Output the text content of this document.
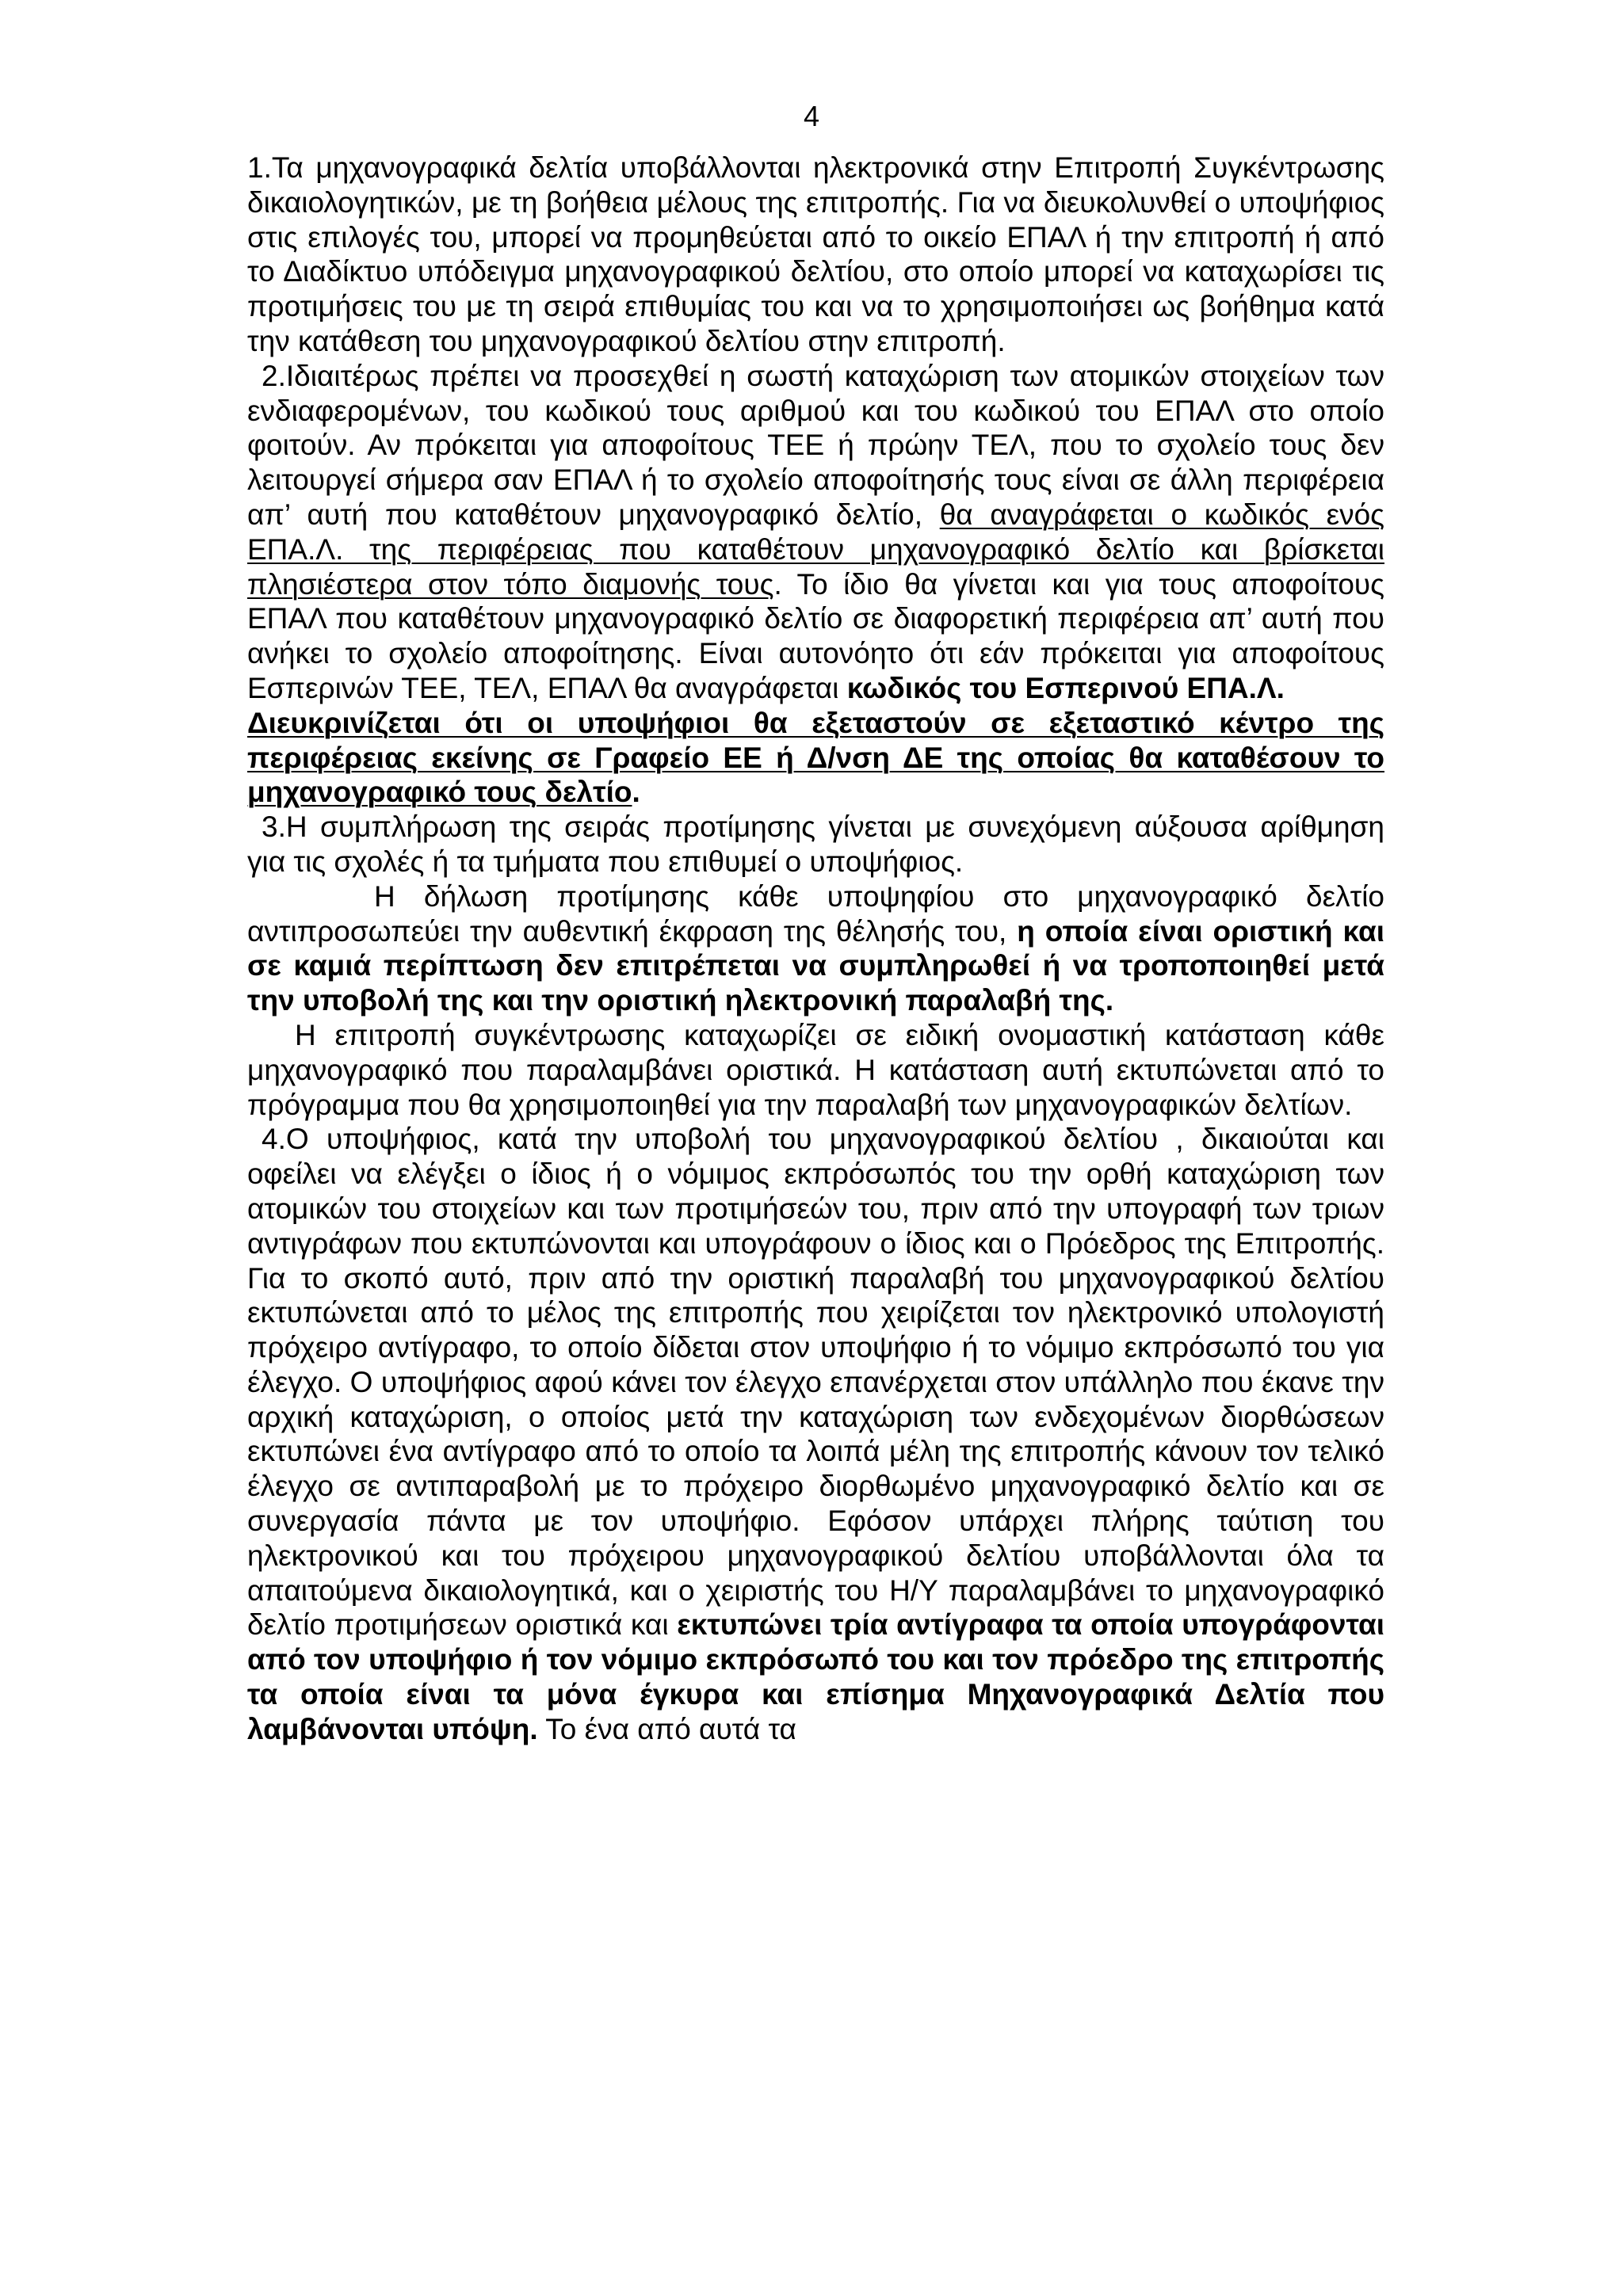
4

1.Τα μηχανογραφικά δελτία υποβάλλονται ηλεκτρονικά στην Επιτροπή Συγκέντρωσης δικαιολογητικών, με τη βοήθεια μέλους της επιτροπής. Για να διευκολυνθεί ο υποψήφιος στις επιλογές του, μπορεί να προμηθεύεται από το οικείο ΕΠΑΛ ή την επιτροπή ή από το Διαδίκτυο υπόδειγμα μηχανογραφικού δελτίου, στο οποίο μπορεί να καταχωρίσει τις προτιμήσεις του με τη σειρά επιθυμίας του και να το χρησιμοποιήσει ως βοήθημα κατά την κατάθεση του μηχανογραφικού δελτίου στην επιτροπή.

2.Ιδιαιτέρως πρέπει να προσεχθεί η σωστή καταχώριση των ατομικών στοιχείων των ενδιαφερομένων, του κωδικού τους αριθμού και του κωδικού του ΕΠΑΛ στο οποίο φοιτούν. Αν πρόκειται για αποφοίτους ΤΕΕ ή πρώην ΤΕΛ, που το σχολείο τους δεν λειτουργεί σήμερα σαν ΕΠΑΛ ή το σχολείο αποφοίτησής τους είναι σε άλλη περιφέρεια απ’ αυτή που καταθέτουν μηχανογραφικό δελτίο, θα αναγράφεται ο κωδικός ενός ΕΠΑ.Λ. της περιφέρειας που καταθέτουν μηχανογραφικό δελτίο και βρίσκεται πλησιέστερα στον τόπο διαμονής τους. Το ίδιο θα γίνεται και για τους αποφοίτους ΕΠΑΛ που καταθέτουν μηχανογραφικό δελτίο σε διαφορετική περιφέρεια απ’ αυτή που ανήκει το σχολείο αποφοίτησης. Είναι αυτονόητο ότι εάν πρόκειται για αποφοίτους Εσπερινών ΤΕΕ, ΤΕΛ, ΕΠΑΛ θα αναγράφεται κωδικός του Εσπερινού ΕΠΑ.Λ.

Διευκρινίζεται ότι οι υποψήφιοι θα εξεταστούν σε εξεταστικό κέντρο της περιφέρειας εκείνης σε Γραφείο ΕΕ ή Δ/νση ΔΕ της οποίας θα καταθέσουν το μηχανογραφικό τους δελτίο.

3.Η συμπλήρωση της σειράς προτίμησης γίνεται με συνεχόμενη αύξουσα αρίθμηση για τις σχολές ή τα τμήματα που επιθυμεί ο υποψήφιος.

Η δήλωση προτίμησης κάθε υποψηφίου στο μηχανογραφικό δελτίο αντιπροσωπεύει την αυθεντική έκφραση της θέλησής του, η οποία είναι οριστική και σε καμιά περίπτωση δεν επιτρέπεται να συμπληρωθεί ή να τροποποιηθεί μετά την υποβολή της και την οριστική ηλεκτρονική παραλαβή της.

Η επιτροπή συγκέντρωσης καταχωρίζει σε ειδική ονομαστική κατάσταση κάθε μηχανογραφικό που παραλαμβάνει οριστικά. Η κατάσταση αυτή εκτυπώνεται από το πρόγραμμα που θα χρησιμοποιηθεί για την παραλαβή των μηχανογραφικών δελτίων.

4.Ο υποψήφιος, κατά την υποβολή του μηχανογραφικού δελτίου , δικαιούται και οφείλει να ελέγξει ο ίδιος ή ο νόμιμος εκπρόσωπός του την ορθή καταχώριση των ατομικών του στοιχείων και των προτιμήσεών του, πριν από την υπογραφή των τριων αντιγράφων που εκτυπώνονται και υπογράφουν ο ίδιος και ο Πρόεδρος της Επιτροπής. Για το σκοπό αυτό, πριν από την οριστική παραλαβή του μηχανογραφικού δελτίου εκτυπώνεται από το μέλος της επιτροπής που χειρίζεται τον ηλεκτρονικό υπολογιστή πρόχειρο αντίγραφο, το οποίο δίδεται στον υποψήφιο ή το νόμιμο εκπρόσωπό του για έλεγχο. Ο υποψήφιος αφού κάνει τον έλεγχο επανέρχεται στον υπάλληλο που έκανε την αρχική καταχώριση, ο οποίος μετά την καταχώριση των ενδεχομένων διορθώσεων εκτυπώνει ένα αντίγραφο από το οποίο τα λοιπά μέλη της επιτροπής κάνουν τον τελικό έλεγχο σε αντιπαραβολή με το πρόχειρο διορθωμένο μηχανογραφικό δελτίο και σε συνεργασία πάντα με τον υποψήφιο. Εφόσον υπάρχει πλήρης ταύτιση του ηλεκτρονικού και του πρόχειρου μηχανογραφικού δελτίου υποβάλλονται όλα τα απαιτούμενα δικαιολογητικά, και ο χειριστής του Η/Υ παραλαμβάνει το μηχανογραφικό δελτίο προτιμήσεων οριστικά και εκτυπώνει τρία αντίγραφα τα οποία υπογράφονται από τον υποψήφιο ή τον νόμιμο εκπρόσωπό του και τον πρόεδρο της επιτροπής τα οποία είναι τα μόνα έγκυρα και επίσημα Μηχανογραφικά Δελτία που λαμβάνονται υπόψη. Το ένα από αυτά τα
